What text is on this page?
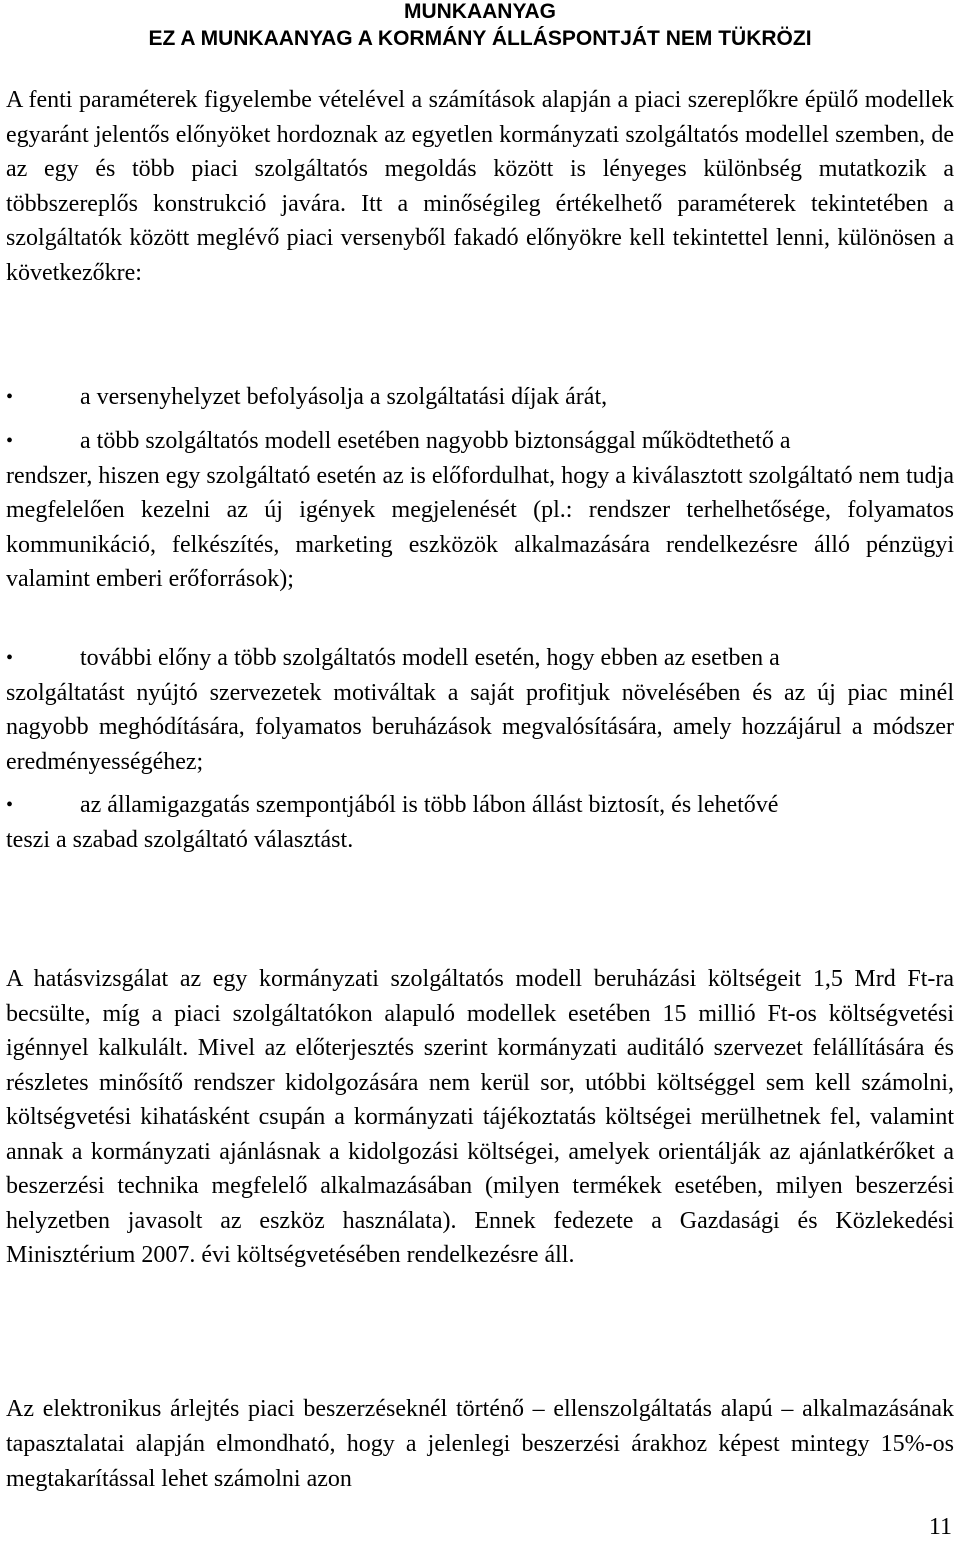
MUNKAANYAG
EZ A MUNKAANYAG A KORMÁNY ÁLLÁSPONTJÁT NEM TÜKRÖZI
A fenti paraméterek figyelembe vételével a számítások alapján a piaci szereplőkre épülő modellek egyaránt jelentős előnyöket hordoznak az egyetlen kormányzati szolgáltatós modellel szemben, de az egy és több piaci szolgáltatós megoldás között is lényeges különbség mutatkozik a többszereplős konstrukció javára. Itt a minőségileg értékelhető paraméterek tekintetében a szolgáltatók között meglévő piaci versenyből fakadó előnyökre kell tekintettel lenni, különösen a következőkre:
•	a versenyhelyzet befolyásolja a szolgáltatási díjak árát,
•	a több szolgáltatós modell esetében nagyobb biztonsággal működtethető a
rendszer, hiszen egy szolgáltató esetén az is előfordulhat, hogy a kiválasztott szolgáltató nem tudja megfelelően kezelni az új igények megjelenését (pl.: rendszer terhelhetősége, folyamatos kommunikáció, felkészítés, marketing eszközök alkalmazására rendelkezésre álló pénzügyi valamint emberi erőforrások);
•	további előny a több szolgáltatós modell esetén, hogy ebben az esetben a
szolgáltatást nyújtó szervezetek motiváltak a saját profitjuk növelésében és az új piac minél nagyobb meghódítására, folyamatos beruházások megvalósítására, amely hozzájárul a módszer eredményességéhez;
•	az államigazgatás szempontjából is több lábon állást biztosít, és lehetővé
teszi a szabad szolgáltató választást.
A hatásvizsgálat az egy kormányzati szolgáltatós modell beruházási költségeit 1,5 Mrd Ft-ra becsülte, míg a piaci szolgáltatókon alapuló modellek esetében 15 millió Ft-os költségvetési igénnyel kalkulált. Mivel az előterjesztés szerint kormányzati auditáló szervezet felállítására és részletes minősítő rendszer kidolgozására nem kerül sor, utóbbi költséggel sem kell számolni, költségvetési kihatásként csupán a kormányzati tájékoztatás költségei merülhetnek fel, valamint annak a kormányzati ajánlásnak a kidolgozási költségei, amelyek orientálják az ajánlatkérőket a beszerzési technika megfelelő alkalmazásában (milyen termékek esetében, milyen beszerzési helyzetben javasolt az eszköz használata). Ennek fedezete a Gazdasági és Közlekedési Minisztérium 2007. évi költségvetésében rendelkezésre áll.
Az elektronikus árlejtés piaci beszerzéseknél történő – ellenszolgáltatás alapú – alkalmazásának tapasztalatai alapján elmondható, hogy a jelenlegi beszerzési árakhoz képest mintegy 15%-os megtakarítással lehet számolni azon
11
